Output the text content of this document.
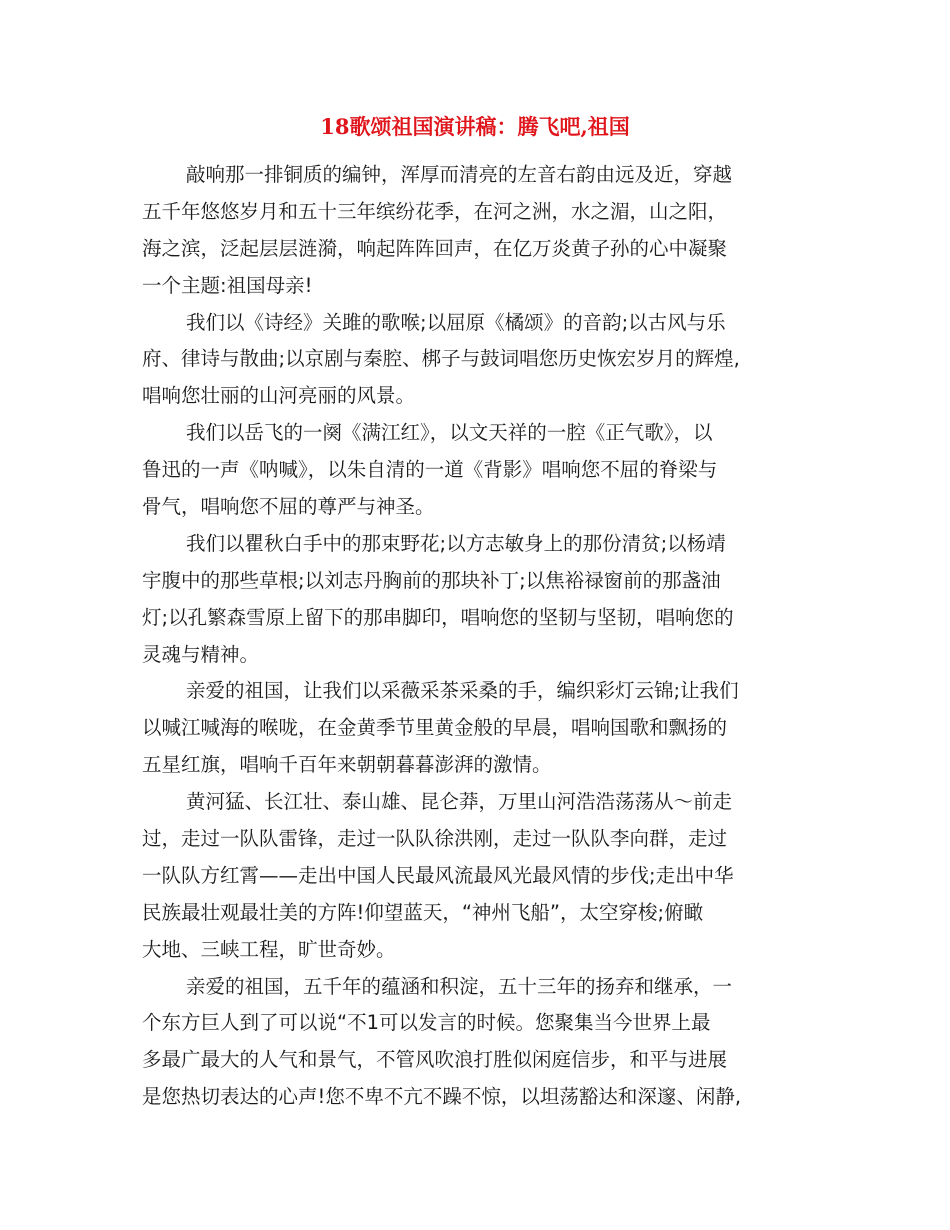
18歌颂祖国演讲稿：腾飞吧,祖国
敲响那一排铜质的编钟，浑厚而清亮的左音右韵由远及近，穿越
五千年悠悠岁月和五十三年缤纷花季，在河之洲，水之湄，山之阳，
海之滨，泛起层层涟漪，响起阵阵回声，在亿万炎黄子孙的心中凝聚
一个主题:祖国母亲!
我们以《诗经》关雎的歌喉;以屈原《橘颂》的音韵;以古风与乐
府、律诗与散曲;以京剧与秦腔、梆子与鼓词唱您历史恢宏岁月的辉煌,
唱响您壮丽的山河亮丽的风景。
我们以岳飞的一阕《满江红》，以文天祥的一腔《正气歌》，以
鲁迅的一声《呐喊》，以朱自清的一道《背影》唱响您不屈的脊梁与
骨气，唱响您不屈的尊严与神圣。
我们以瞿秋白手中的那束野花;以方志敏身上的那份清贫;以杨靖
宇腹中的那些草根;以刘志丹胸前的那块补丁;以焦裕禄窗前的那盏油
灯;以孔繁森雪原上留下的那串脚印，唱响您的坚韧与坚韧，唱响您的
灵魂与精神。
亲爱的祖国，让我们以采薇采茶采桑的手，编织彩灯云锦;让我们
以喊江喊海的喉咙，在金黄季节里黄金般的早晨，唱响国歌和飘扬的
五星红旗，唱响千百年来朝朝暮暮澎湃的激情。
黄河猛、长江壮、泰山雄、昆仑莽，万里山河浩浩荡荡从～前走
过，走过一队队雷锋，走过一队队徐洪刚，走过一队队李向群，走过
一队队方红霄——走出中国人民最风流最风光最风情的步伐;走出中华
民族最壮观最壮美的方阵!仰望蓝天，“神州飞船”，太空穿梭;俯瞰
大地、三峡工程，旷世奇妙。
亲爱的祖国，五千年的蕴涵和积淀，五十三年的扬弃和继承，一
个东方巨人到了可以说“不1可以发言的时候。您聚集当今世界上最
多最广最大的人气和景气，不管风吹浪打胜似闲庭信步，和平与进展
是您热切表达的心声!您不卑不亢不躁不惊，以坦荡豁达和深邃、闲静,
